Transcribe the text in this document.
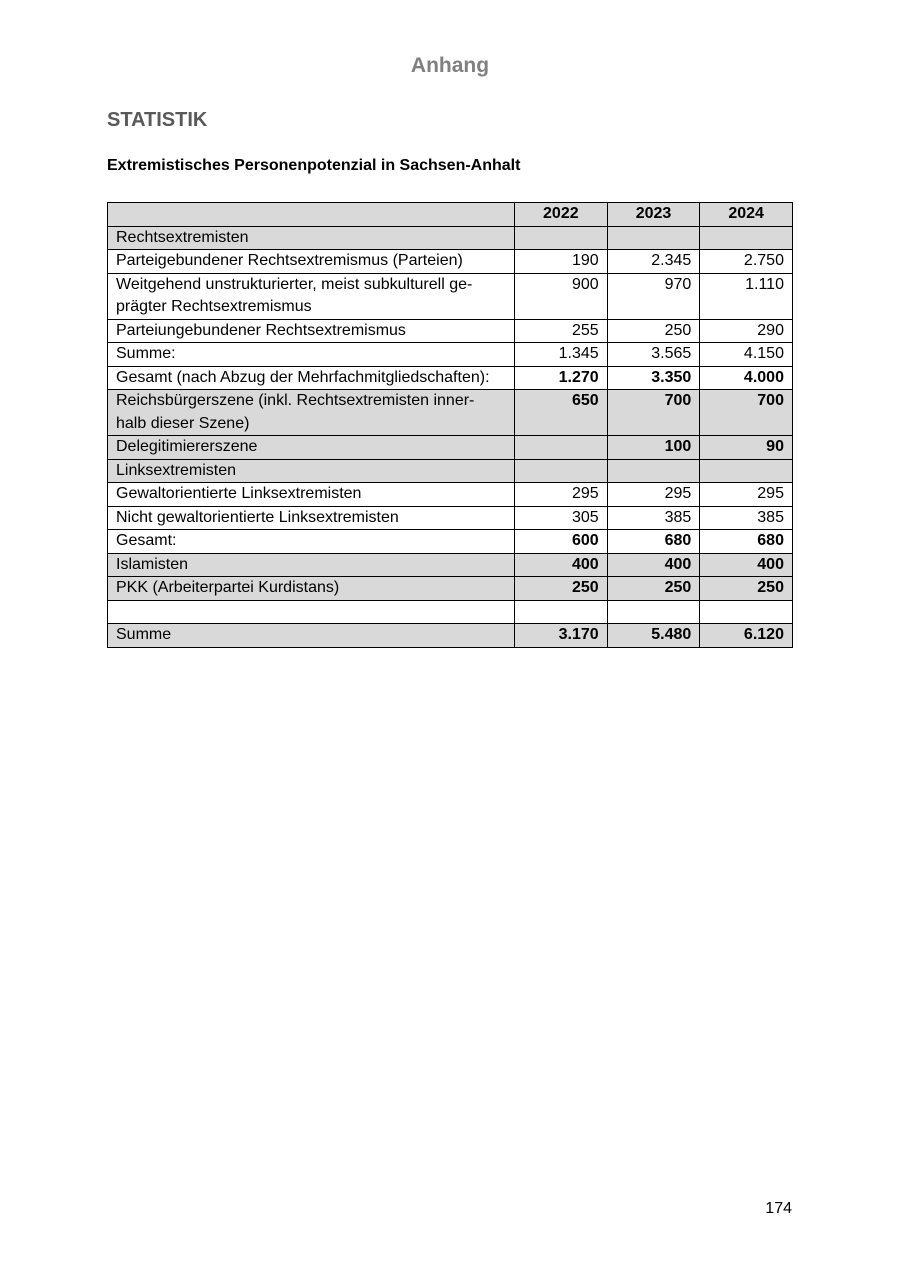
Anhang
STATISTIK
Extremistisches Personenpotenzial in Sachsen-Anhalt
	2022	2023	2024
Rechtsextremisten			
Parteigebundener Rechtsextremismus (Parteien)	190	2.345	2.750
Weitgehend unstrukturierter, meist subkulturell ge-
prägter Rechtsextremismus	900	970	1.110
Parteiungebundener Rechtsextremismus	255	250	290
Summe:	1.345	3.565	4.150
Gesamt (nach Abzug der Mehrfachmitgliedschaften):	1.270	3.350	4.000
Reichsbürgerszene (inkl. Rechtsextremisten inner-
halb dieser Szene)	650	700	700
Delegitimiererszene		100	90
Linksextremisten			
Gewaltorientierte Linksextremisten	295	295	295
Nicht gewaltorientierte Linksextremisten	305	385	385
Gesamt:	600	680	680
Islamisten	400	400	400
PKK (Arbeiterpartei Kurdistans)	250	250	250

Summe	3.170	5.480	6.120
174
